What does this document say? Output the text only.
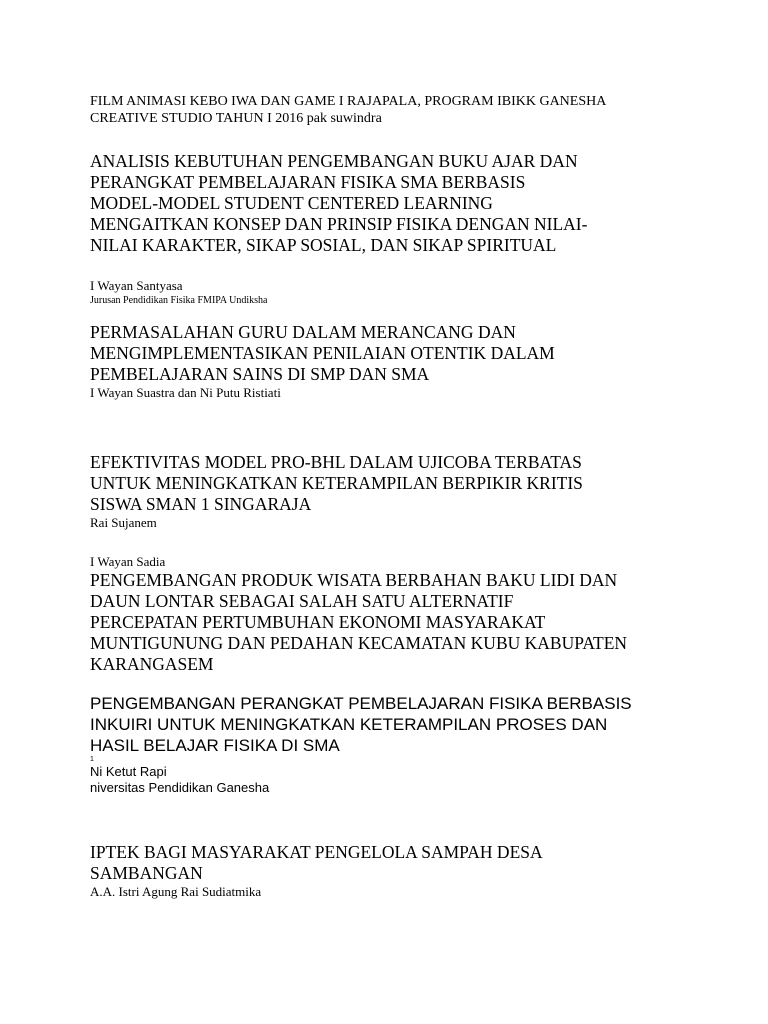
FILM ANIMASI KEBO IWA DAN GAME I RAJAPALA, PROGRAM IBIKK GANESHA
CREATIVE STUDIO TAHUN I 2016 pak suwindra
ANALISIS KEBUTUHAN PENGEMBANGAN BUKU AJAR DAN
PERANGKAT PEMBELAJARAN FISIKA SMA BERBASIS
MODEL-MODEL STUDENT CENTERED LEARNING
MENGAITKAN KONSEP DAN PRINSIP FISIKA DENGAN NILAI-
NILAI KARAKTER, SIKAP SOSIAL, DAN SIKAP SPIRITUAL
I Wayan Santyasa
Jurusan Pendidikan Fisika FMIPA Undiksha
PERMASALAHAN GURU DALAM MERANCANG DAN
MENGIMPLEMENTASIKAN PENILAIAN OTENTIK DALAM
PEMBELAJARAN SAINS DI SMP DAN SMA
I Wayan Suastra dan Ni Putu Ristiati
EFEKTIVITAS MODEL PRO-BHL DALAM UJICOBA TERBATAS
UNTUK MENINGKATKAN KETERAMPILAN BERPIKIR KRITIS
SISWA SMAN 1 SINGARAJA
Rai Sujanem
I Wayan Sadia
PENGEMBANGAN PRODUK WISATA BERBAHAN BAKU LIDI DAN
DAUN LONTAR SEBAGAI SALAH SATU ALTERNATIF
PERCEPATAN PERTUMBUHAN EKONOMI MASYARAKAT
MUNTIGUNUNG DAN PEDAHAN KECAMATAN KUBU KABUPATEN
KARANGASEM
PENGEMBANGAN PERANGKAT PEMBELAJARAN FISIKA BERBASIS
INKUIRI UNTUK MENINGKATKAN KETERAMPILAN PROSES DAN
HASIL BELAJAR FISIKA DI SMA
1
Ni Ketut Rapi
niversitas Pendidikan Ganesha
IPTEK BAGI MASYARAKAT PENGELOLA SAMPAH DESA
SAMBANGAN
A.A. Istri Agung Rai Sudiatmika
